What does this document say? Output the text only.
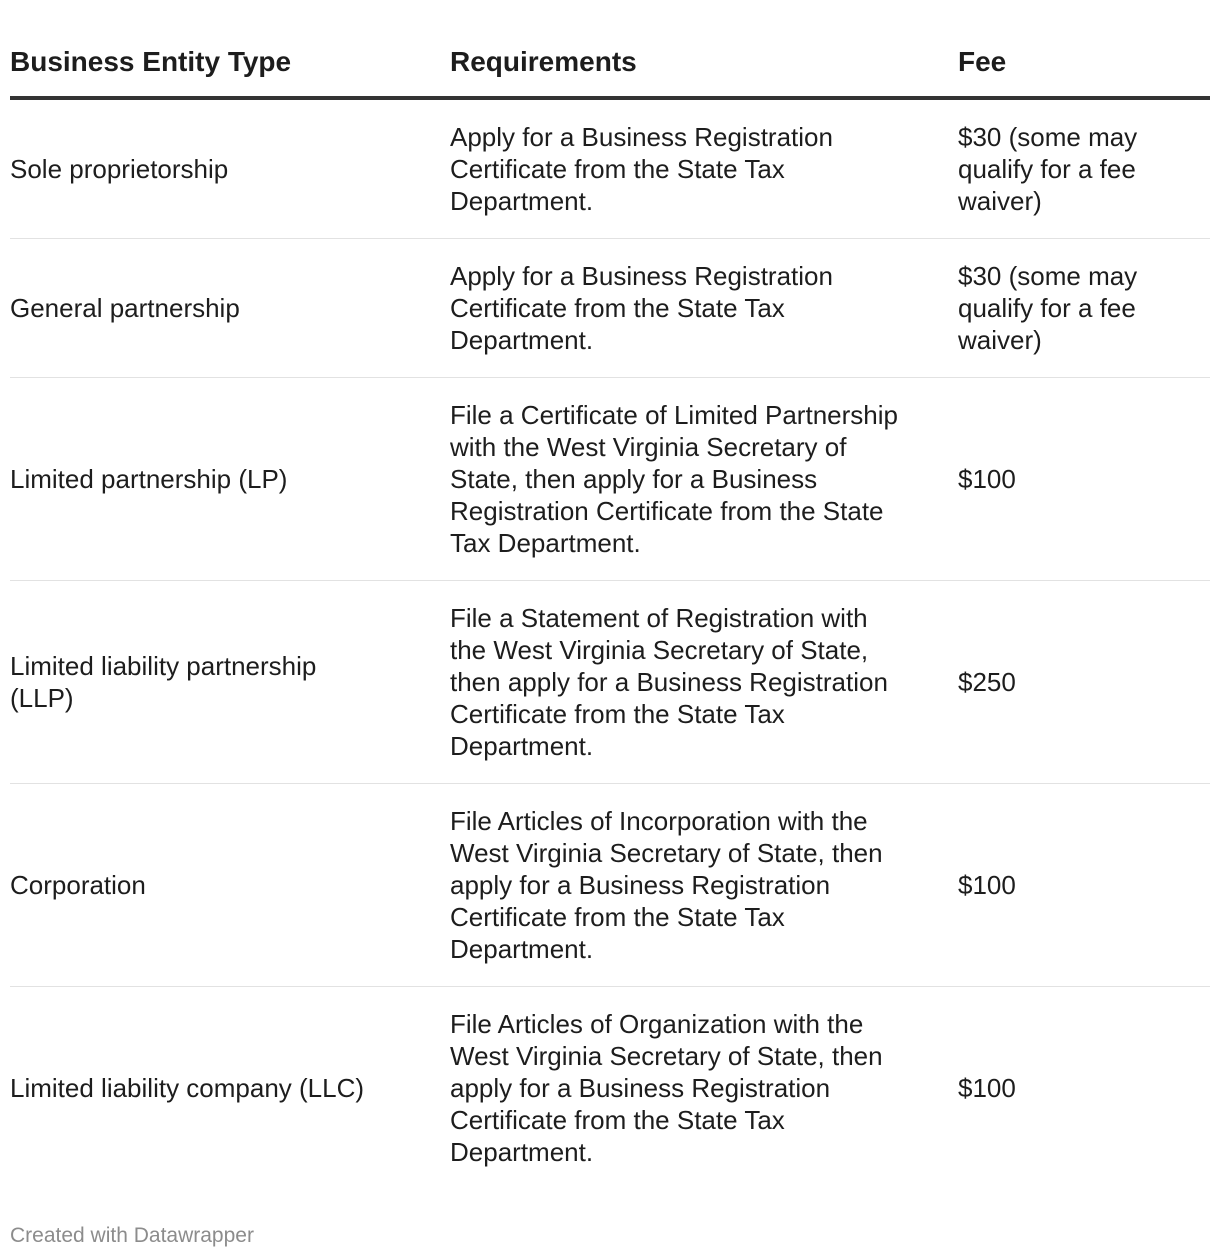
Business Entity Type	Requirements	Fee
Sole proprietorship	Apply for a Business Registration Certificate from the State Tax Department.	$30 (some may qualify for a fee waiver)
General partnership	Apply for a Business Registration Certificate from the State Tax Department.	$30 (some may qualify for a fee waiver)
Limited partnership (LP)	File a Certificate of Limited Partnership with the West Virginia Secretary of State, then apply for a Business Registration Certificate from the State Tax Department.	$100
Limited liability partnership (LLP)	File a Statement of Registration with the West Virginia Secretary of State, then apply for a Business Registration Certificate from the State Tax Department.	$250
Corporation	File Articles of Incorporation with the West Virginia Secretary of State, then apply for a Business Registration Certificate from the State Tax Department.	$100
Limited liability company (LLC)	File Articles of Organization with the West Virginia Secretary of State, then apply for a Business Registration Certificate from the State Tax Department.	$100
Created with Datawrapper
